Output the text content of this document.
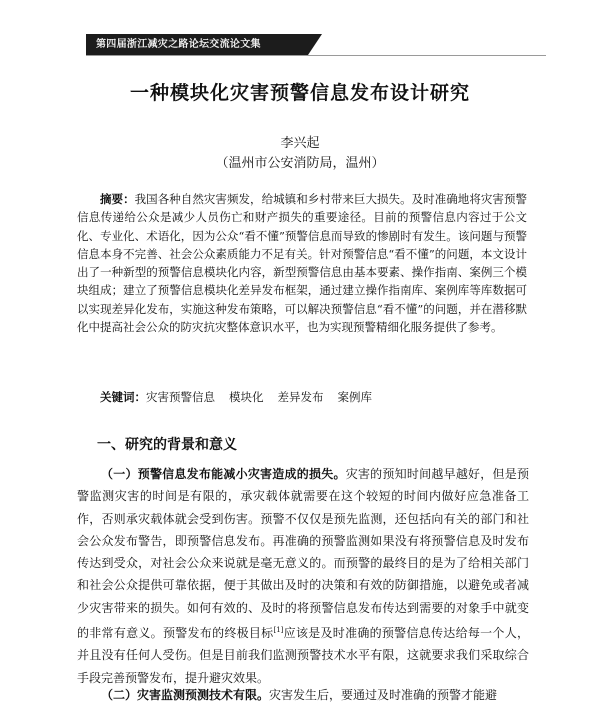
第四届浙江减灾之路论坛交流论文集
一种模块化灾害预警信息发布设计研究
李兴起
（温州市公安消防局，温州）

摘要：我国各种自然灾害频发，给城镇和乡村带来巨大损失。及时准确地将灾害预警信息传递给公众是减少人员伤亡和财产损失的重要途径。目前的预警信息内容过于公文化、专业化、术语化，因为公众“看不懂”预警信息而导致的惨剧时有发生。该问题与预警信息本身不完善、社会公众素质能力不足有关。针对预警信息“看不懂”的问题，本文设计出了一种新型的预警信息模块化内容，新型预警信息由基本要素、操作指南、案例三个模块组成；建立了预警信息模块化差异发布框架，通过建立操作指南库、案例库等库数据可以实现差异化发布，实施这种发布策略，可以解决预警信息“看不懂”的问题，并在潜移默化中提高社会公众的防灾抗灾整体意识水平，也为实现预警精细化服务提供了参考。

关键词：灾害预警信息 模块化 差异发布 案例库

一、研究的背景和意义

（一）预警信息发布能减小灾害造成的损失。灾害的预知时间越早越好，但是预警监测灾害的时间是有限的，承灾载体就需要在这个较短的时间内做好应急准备工作，否则承灾载体就会受到伤害。预警不仅仅是预先监测，还包括向有关的部门和社会公众发布警告，即预警信息发布。再准确的预警监测如果没有将预警信息及时发布传达到受众，对社会公众来说就是毫无意义的。而预警的最终目的是为了给相关部门和社会公众提供可靠依据，便于其做出及时的决策和有效的防御措施，以避免或者减少灾害带来的损失。如何有效的、及时的将预警信息发布传达到需要的对象手中就变的非常有意义。预警发布的终极目标[1]应该是及时准确的预警信息传达给每一个人，并且没有任何人受伤。但是目前我们监测预警技术水平有限，这就要求我们采取综合手段完善预警发布，提升避灾效果。

（二）灾害监测预测技术有限。灾害发生后，要通过及时准确的预警才能避
